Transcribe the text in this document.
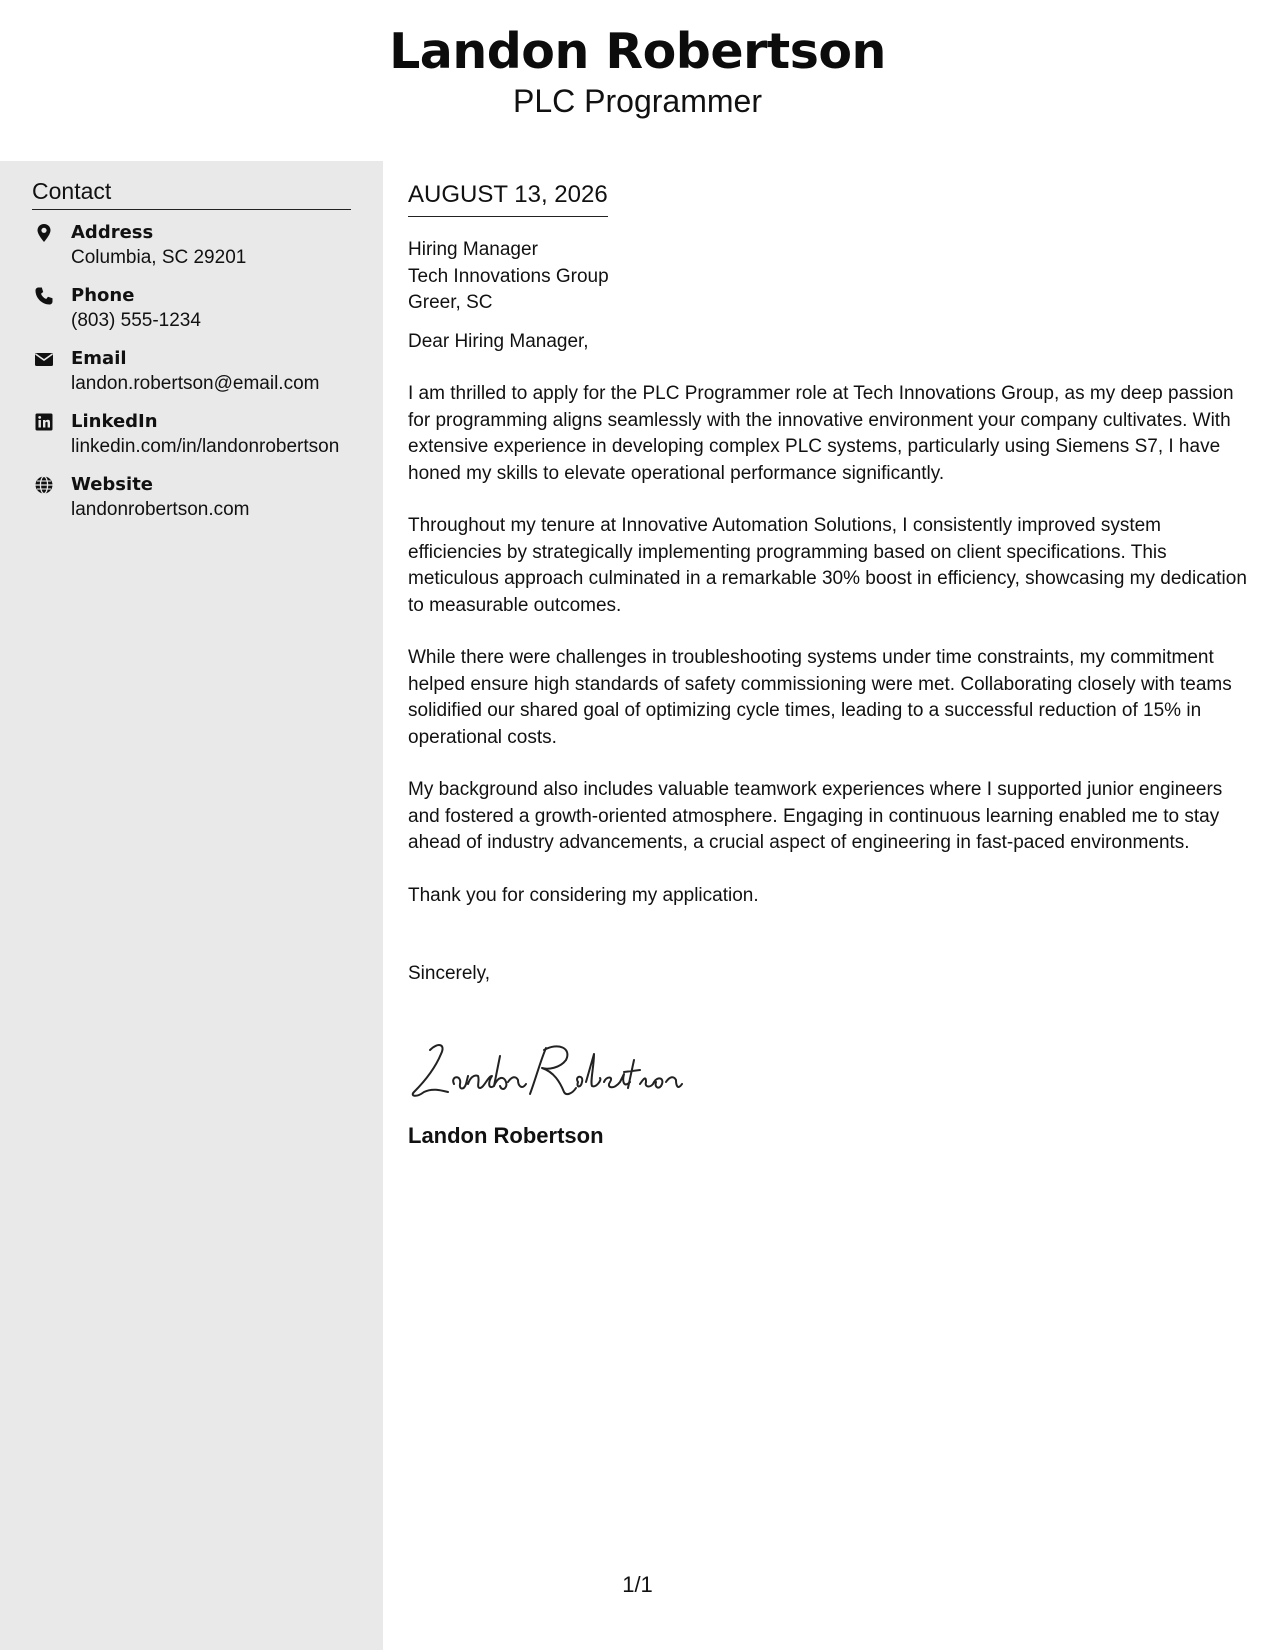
Landon Robertson
PLC Programmer
Contact
Address
Columbia, SC 29201
Phone
(803) 555-1234
Email
landon.robertson@email.com
LinkedIn
linkedin.com/in/landonrobertson
Website
landonrobertson.com
AUGUST 13, 2026
Hiring Manager
Tech Innovations Group
Greer, SC

Dear Hiring Manager,

I am thrilled to apply for the PLC Programmer role at Tech Innovations Group, as my deep passion for programming aligns seamlessly with the innovative environment your company cultivates. With extensive experience in developing complex PLC systems, particularly using Siemens S7, I have honed my skills to elevate operational performance significantly.

Throughout my tenure at Innovative Automation Solutions, I consistently improved system efficiencies by strategically implementing programming based on client specifications. This meticulous approach culminated in a remarkable 30% boost in efficiency, showcasing my dedication to measurable outcomes.

While there were challenges in troubleshooting systems under time constraints, my commitment helped ensure high standards of safety commissioning were met. Collaborating closely with teams solidified our shared goal of optimizing cycle times, leading to a successful reduction of 15% in operational costs.

My background also includes valuable teamwork experiences where I supported junior engineers and fostered a growth-oriented atmosphere. Engaging in continuous learning enabled me to stay ahead of industry advancements, a crucial aspect of engineering in fast-paced environments.

Thank you for considering my application.

Sincerely,

Landon Robertson
1/1
